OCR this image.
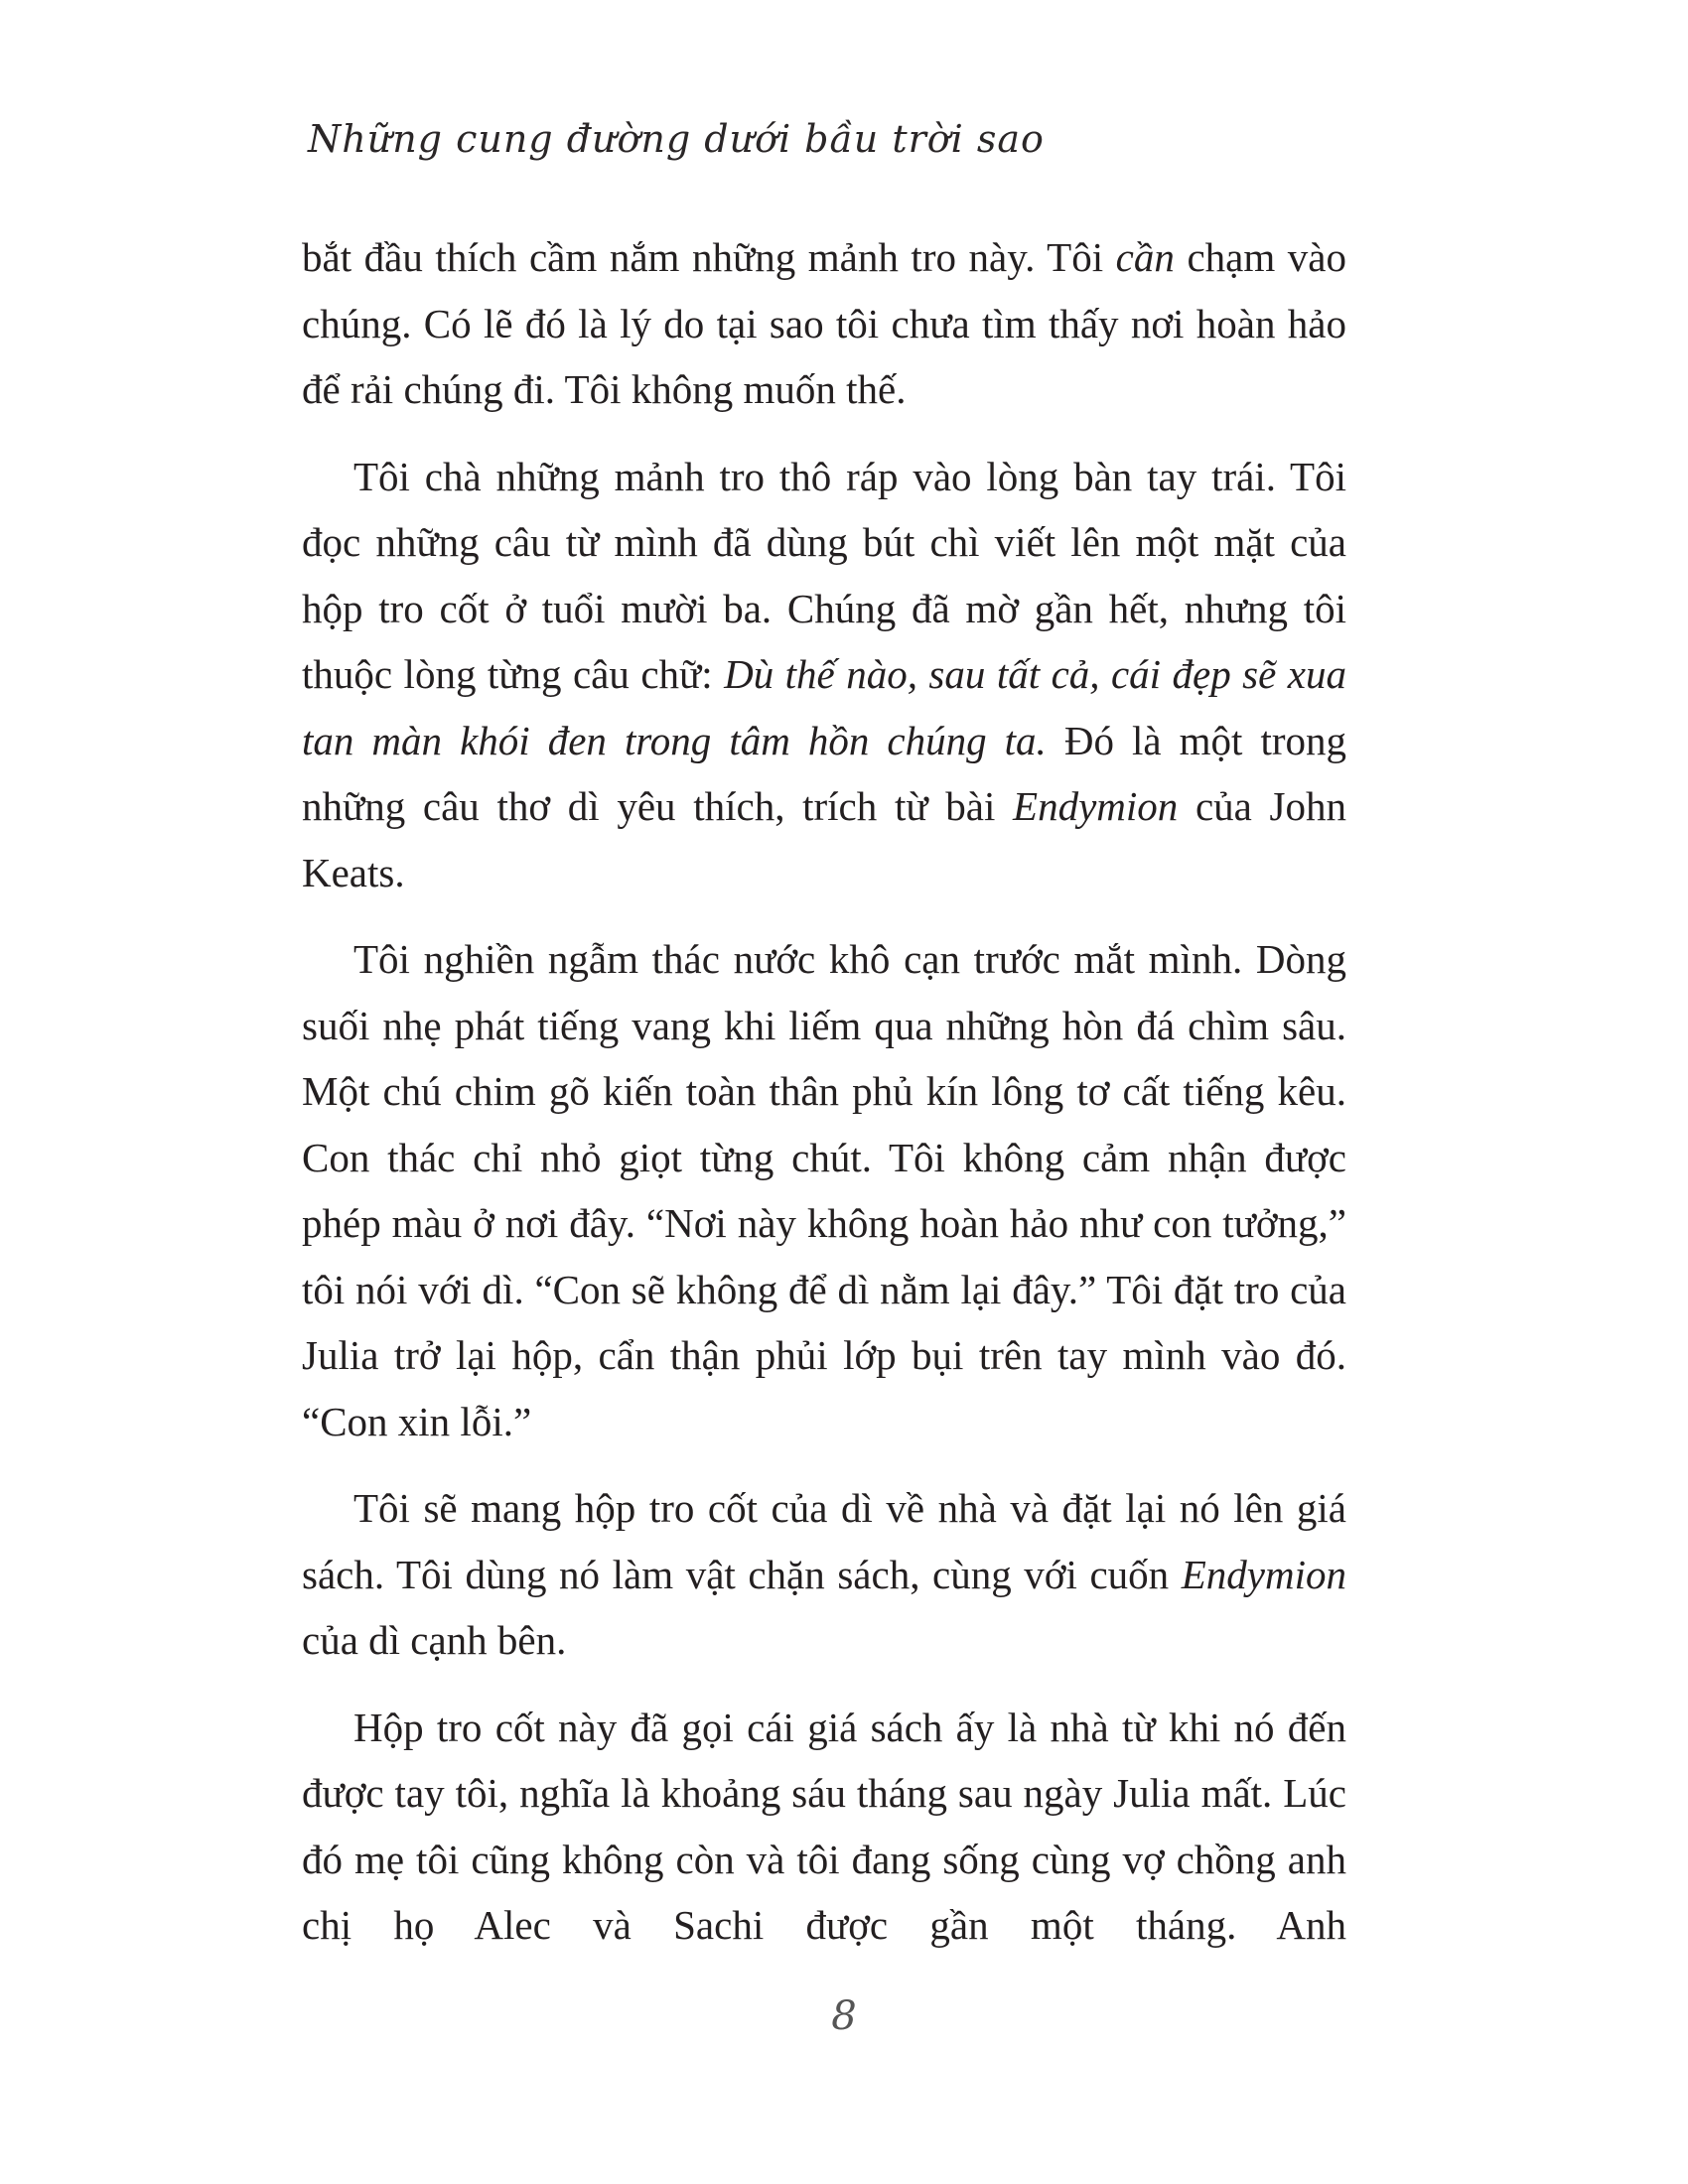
Những cung đường dưới bầu trời sao

bắt đầu thích cầm nắm những mảnh tro này. Tôi cần chạm vào chúng. Có lẽ đó là lý do tại sao tôi chưa tìm thấy nơi hoàn hảo để rải chúng đi. Tôi không muốn thế.

Tôi chà những mảnh tro thô ráp vào lòng bàn tay trái. Tôi đọc những câu từ mình đã dùng bút chì viết lên một mặt của hộp tro cốt ở tuổi mười ba. Chúng đã mờ gần hết, nhưng tôi thuộc lòng từng câu chữ: Dù thế nào, sau tất cả, cái đẹp sẽ xua tan màn khói đen trong tâm hồn chúng ta. Đó là một trong những câu thơ dì yêu thích, trích từ bài Endymion của John Keats.

Tôi nghiền ngẫm thác nước khô cạn trước mắt mình. Dòng suối nhẹ phát tiếng vang khi liếm qua những hòn đá chìm sâu. Một chú chim gõ kiến toàn thân phủ kín lông tơ cất tiếng kêu. Con thác chỉ nhỏ giọt từng chút. Tôi không cảm nhận được phép màu ở nơi đây. “Nơi này không hoàn hảo như con tưởng,” tôi nói với dì. “Con sẽ không để dì nằm lại đây.” Tôi đặt tro của Julia trở lại hộp, cẩn thận phủi lớp bụi trên tay mình vào đó. “Con xin lỗi.”

Tôi sẽ mang hộp tro cốt của dì về nhà và đặt lại nó lên giá sách. Tôi dùng nó làm vật chặn sách, cùng với cuốn Endymion của dì cạnh bên.

Hộp tro cốt này đã gọi cái giá sách ấy là nhà từ khi nó đến được tay tôi, nghĩa là khoảng sáu tháng sau ngày Julia mất. Lúc đó mẹ tôi cũng không còn và tôi đang sống cùng vợ chồng anh chị họ Alec và Sachi được gần một tháng. Anh

8
